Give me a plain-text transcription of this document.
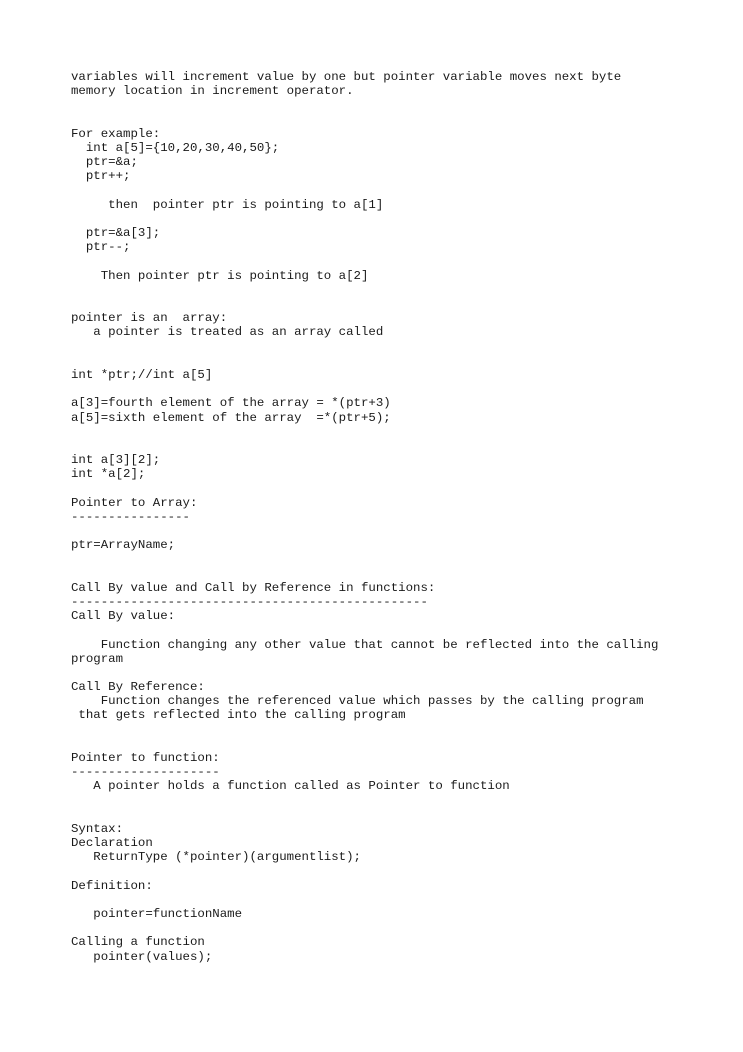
variables will increment value by one but pointer variable moves next byte
memory location in increment operator.
For example:
int a[5]={10,20,30,40,50};
ptr=&a;
ptr++;
then  pointer ptr is pointing to a[1]
ptr=&a[3];
ptr--;
Then pointer ptr is pointing to a[2]
pointer is an  array:
a pointer is treated as an array called
int *ptr;//int a[5]
a[3]=fourth element of the array = *(ptr+3)
a[5]=sixth element of the array  =*(ptr+5);
int a[3][2];
int *a[2];
Pointer to Array:
----------------
ptr=ArrayName;
Call By value and Call by Reference in functions:
------------------------------------------------
Call By value:
Function changing any other value that cannot be reflected into the calling
program
Call By Reference:
Function changes the referenced value which passes by the calling program
that gets reflected into the calling program
Pointer to function:
--------------------
A pointer holds a function called as Pointer to function
Syntax:
Declaration
ReturnType (*pointer)(argumentlist);
Definition:
pointer=functionName
Calling a function
pointer(values);
